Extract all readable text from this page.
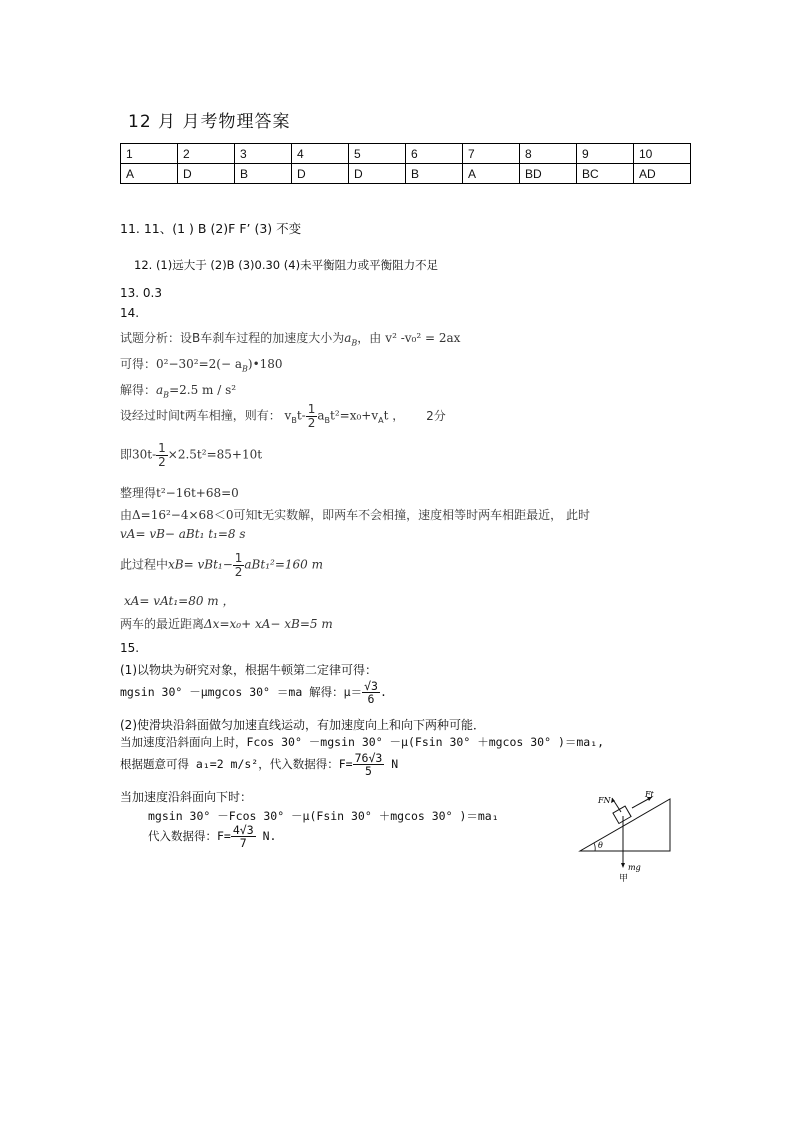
12 月 月考物理答案
1	2	3	4	5	6	7	8	9	10
A	D	B	D	D	B	A	BD	BC	AD
11. 11、(1 ) B (2)F F’ (3) 不变
12. (1)远大于 (2)B (3)0.30 (4)未平衡阻力或平衡阻力不足
13. 0.3
14.
试题分析：设B车刹车过程的加速度大小为$a_B$，由 v² -v₀² = 2ax
可得：$0^2-30^2=2(- a_B)•180$
解得：$a_B=2.5$ m / s²
设经过时间t两车相撞，则有： $v_Bt- \frac{1}{2} a_Bt^2=x_0+v_At$ ， 2分
即$30t- \frac{1}{2} \times 2.5t^2=85+10t$
整理得t²−16t+68=0
由Δ=16²−4×68＜0可知t无实数解，即两车不会相撞，速度相等时两车相距最近， 此时
vA= vB− aBt₁ t₁=8 s
此过程中$xB= vBt_1- \frac{1}{2} aBt_1^2=160$ m
xA= vAt₁=80 m ，
两车的最近距离Δx=x₀+ xA− xB=5 m
15.
(1)以物块为研究对象，根据牛顿第二定律可得：
mgsin 30° －μmgcos 30° ＝ma 解得：$\mu= \frac{√3}{6}$ .
(2)使滑块沿斜面做匀加速直线运动，有加速度向上和向下两种可能．
当加速度沿斜面向上时，Fcos 30° －mgsin 30° －μ(Fsin 30° ＋mgcos 30° )＝ma₁,
根据题意可得 a₁=2 m/s²，代入数据得：$F= \frac{76√3}{5}$ N
当加速度沿斜面向下时：
mgsin 30° －Fcos 30° －μ(Fsin 30° ＋mgcos 30° )＝ma₁
代入数据得：$F= \frac{4√3}{7} N$.
θ
FN
Ft
mg
甲
